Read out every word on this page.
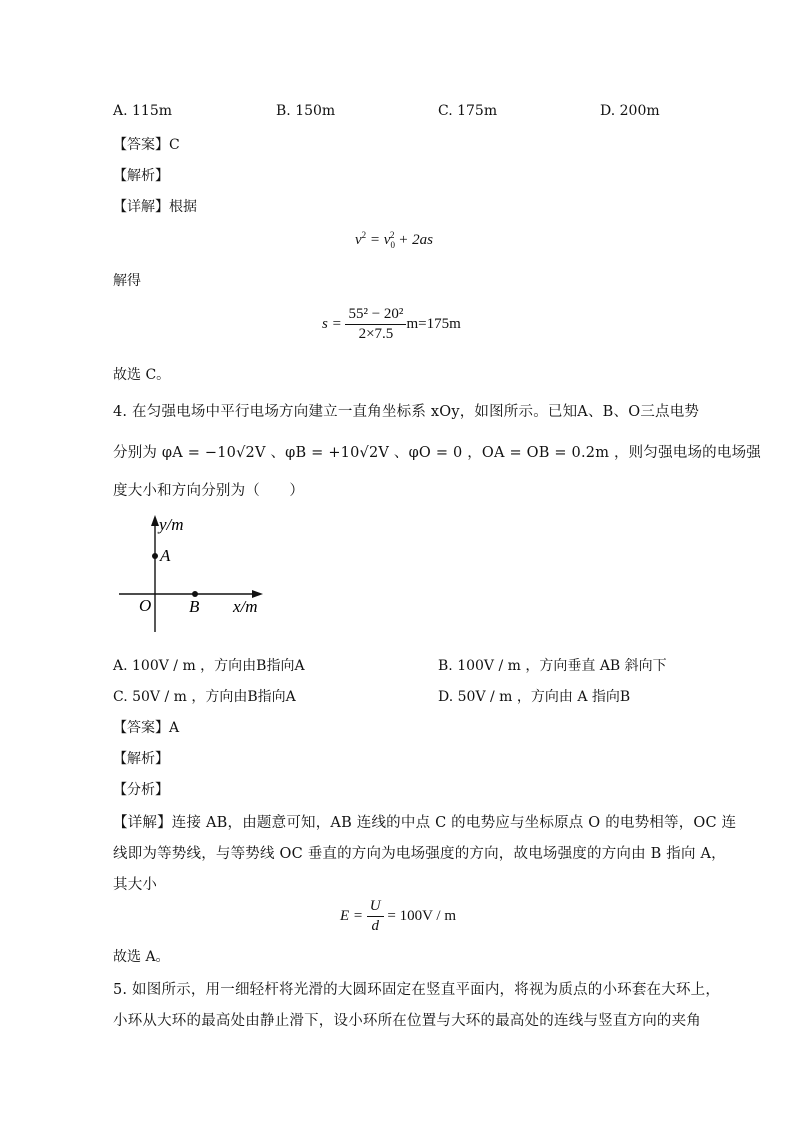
A. 115m	B. 150m	C. 175m	D. 200m
【答案】C
【解析】
【详解】根据
$v^2 = v_0^2 + 2as$
解得
$s = \frac{\text{55² − 20²}}{2\times 7.5} m=175m$
故选 C。
4. 在匀强电场中平行电场方向建立一直角坐标系 xOy，如图所示。已知A、B、O三点电势
分别为 φA = −10√2V 、φB = +10√2V 、φO = 0 ，OA = OB = 0.2m ，则匀强电场的电场强
度大小和方向分别为（　　）
y/m
A
O B x/m
A. 100V / m ，方向由B指向A	B. 100V / m ，方向垂直 AB 斜向下
C. 50V / m ，方向由B指向A	D. 50V / m ，方向由 A 指向B
【答案】A
【解析】
【分析】
【详解】连接 AB，由题意可知，AB 连线的中点 C 的电势应与坐标原点 O 的电势相等，OC 连
线即为等势线，与等势线 OC 垂直的方向为电场强度的方向，故电场强度的方向由 B 指向 A，
其大小
$E = \frac{U}{d} = 100V / m$
故选 A。
5. 如图所示，用一细轻杆将光滑的大圆环固定在竖直平面内，将视为质点的小环套在大环上，
小环从大环的最高处由静止滑下，设小环所在位置与大环的最高处的连线与竖直方向的夹角
